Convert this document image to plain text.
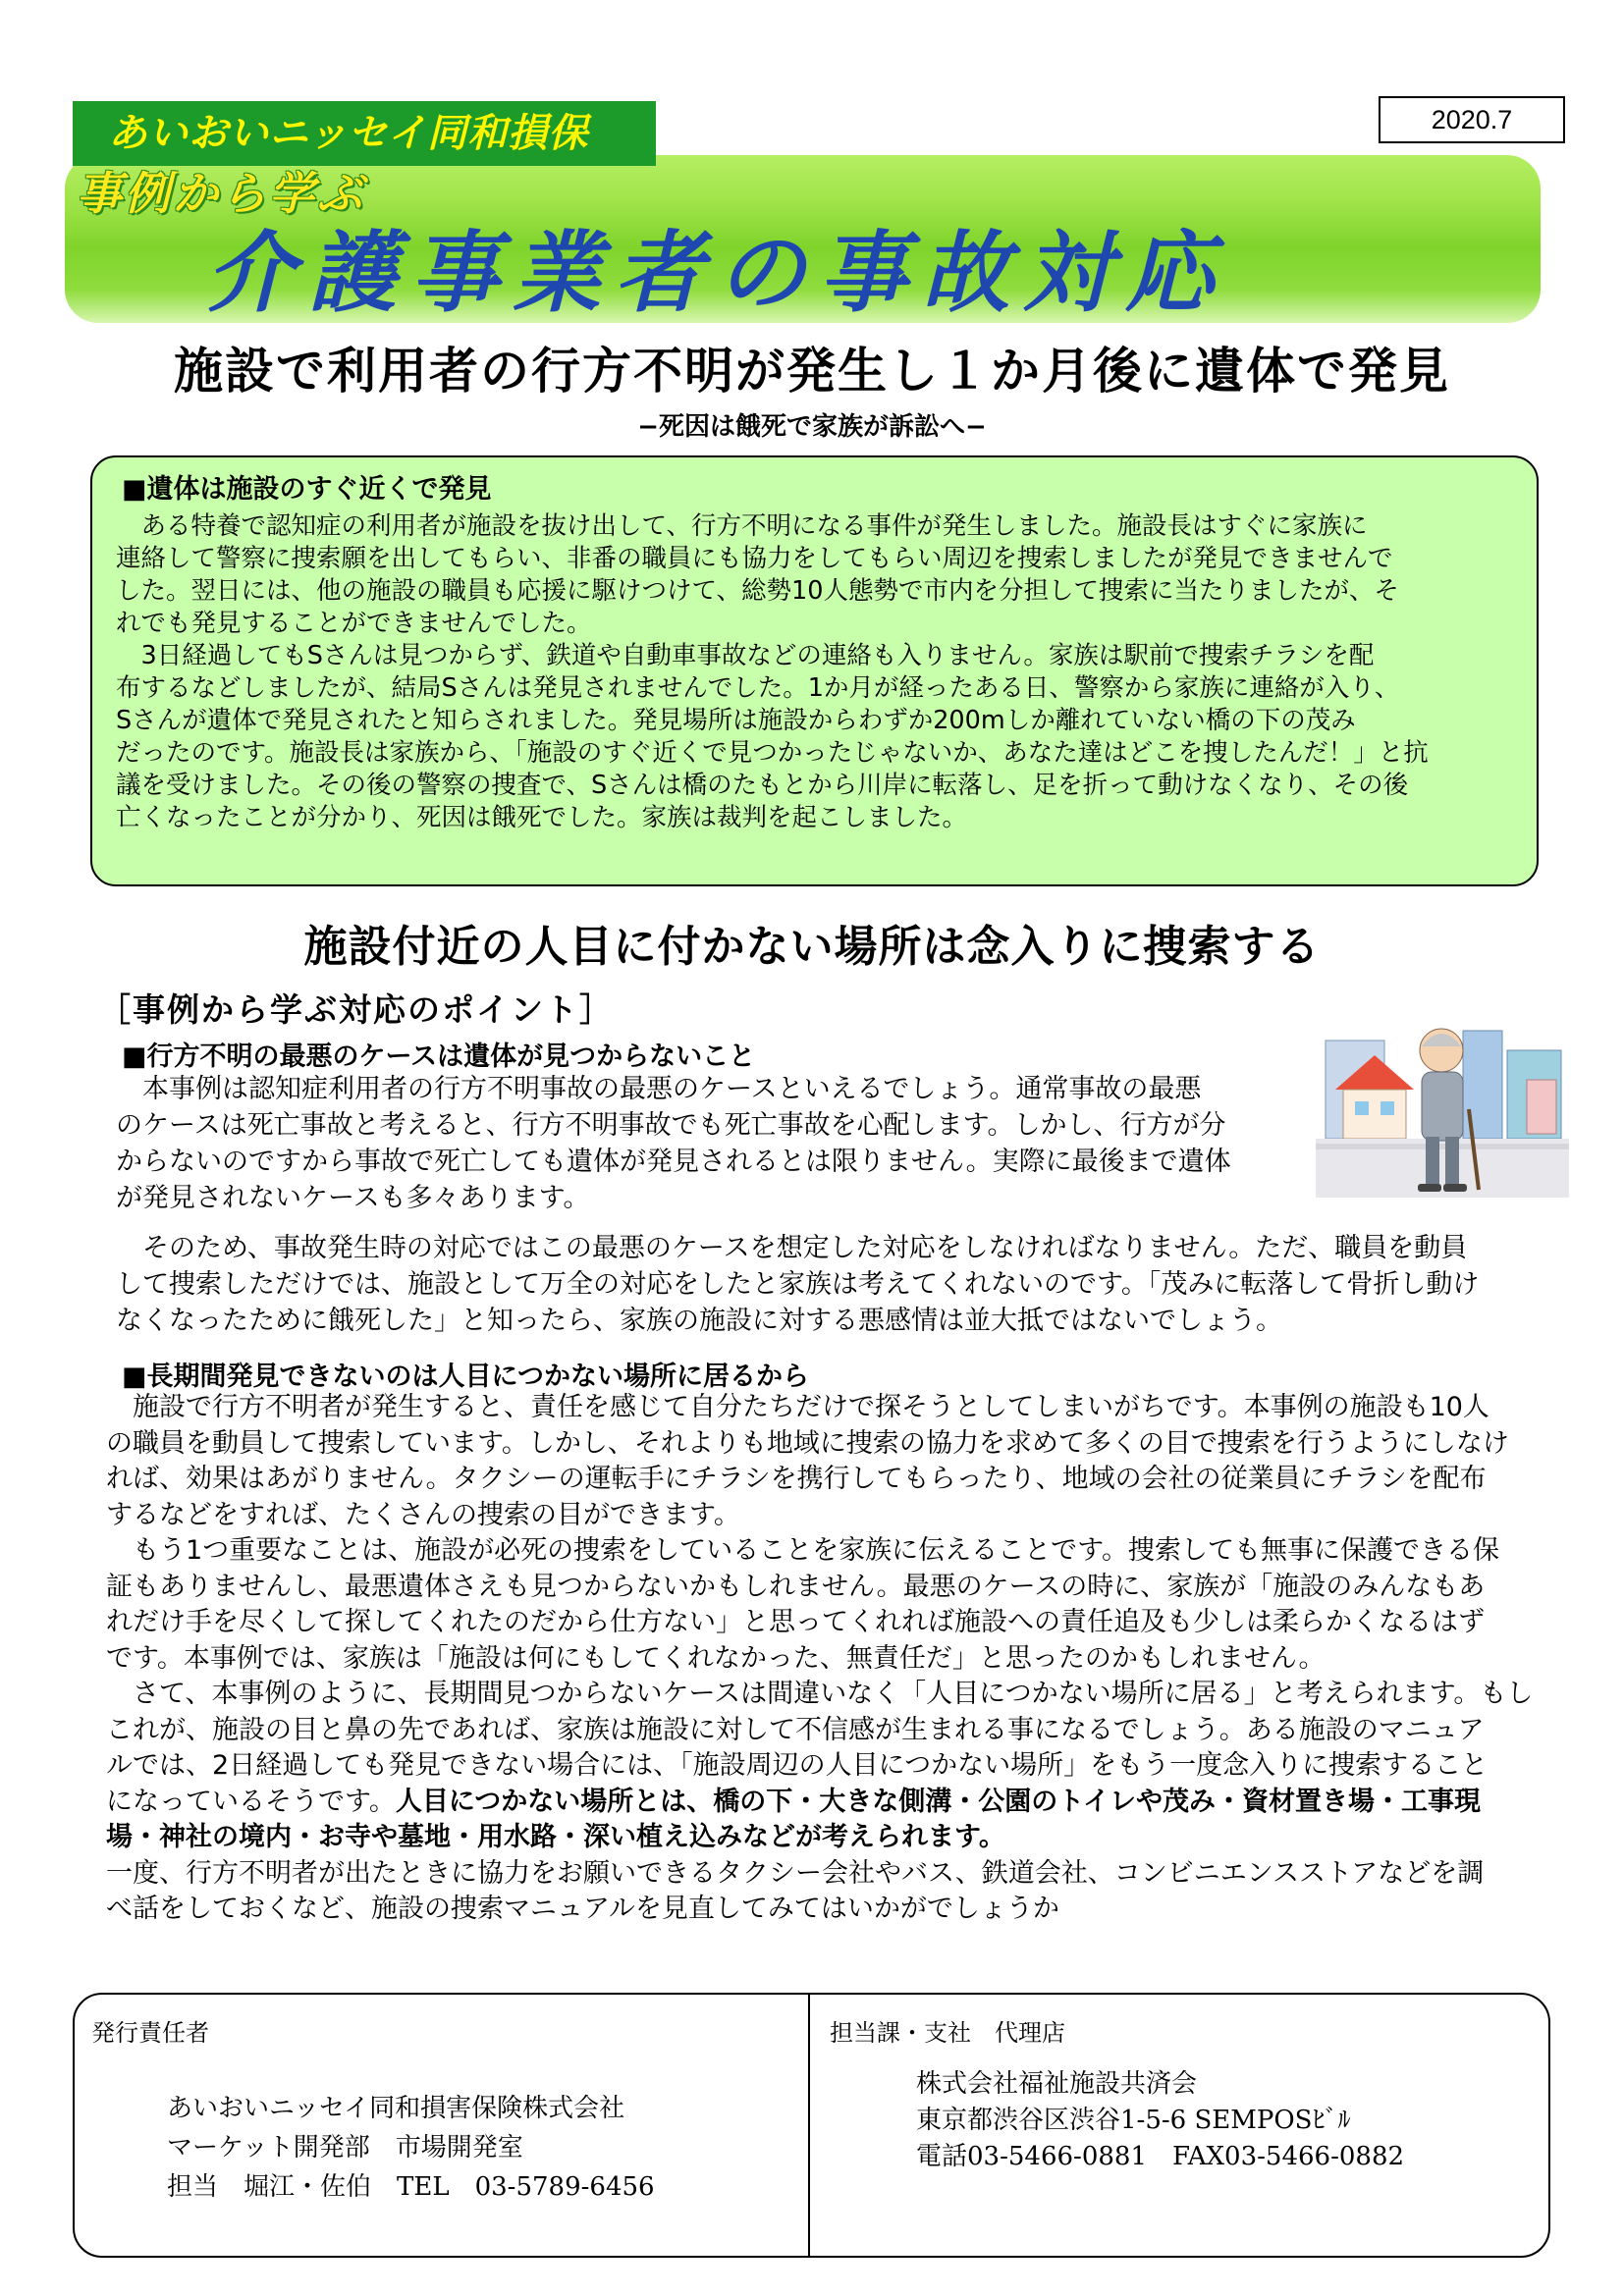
あいおいニッセイ同和損保	2020.7
事例から学ぶ
介護事業者の事故対応
施設で利用者の行方不明が発生し１か月後に遺体で発見
−死因は餓死で家族が訴訟へ−
■遺体は施設のすぐ近くで発見
　ある特養で認知症の利用者が施設を抜け出して、行方不明になる事件が発生しました。施設長はすぐに家族に
連絡して警察に捜索願を出してもらい、非番の職員にも協力をしてもらい周辺を捜索しましたが発見できませんで
した。翌日には、他の施設の職員も応援に駆けつけて、総勢10人態勢で市内を分担して捜索に当たりましたが、そ
れでも発見することができませんでした。
　3日経過してもSさんは見つからず、鉄道や自動車事故などの連絡も入りません。家族は駅前で捜索チラシを配
布するなどしましたが、結局Sさんは発見されませんでした。1か月が経ったある日、警察から家族に連絡が入り、
Sさんが遺体で発見されたと知らされました。発見場所は施設からわずか200mしか離れていない橋の下の茂み
だったのです。施設長は家族から、「施設のすぐ近くで見つかったじゃないか、あなた達はどこを捜したんだ！」と抗
議を受けました。その後の警察の捜査で、Sさんは橋のたもとから川岸に転落し、足を折って動けなくなり、その後
亡くなったことが分かり、死因は餓死でした。家族は裁判を起こしました。
施設付近の人目に付かない場所は念入りに捜索する
［事例から学ぶ対応のポイント］
■行方不明の最悪のケースは遺体が見つからないこと
　本事例は認知症利用者の行方不明事故の最悪のケースといえるでしょう。通常事故の最悪
のケースは死亡事故と考えると、行方不明事故でも死亡事故を心配します。しかし、行方が分
からないのですから事故で死亡しても遺体が発見されるとは限りません。実際に最後まで遺体
が発見されないケースも多々あります。
　そのため、事故発生時の対応ではこの最悪のケースを想定した対応をしなければなりません。ただ、職員を動員
して捜索しただけでは、施設として万全の対応をしたと家族は考えてくれないのです。「茂みに転落して骨折し動け
なくなったために餓死した」と知ったら、家族の施設に対する悪感情は並大抵ではないでしょう。
■長期間発見できないのは人目につかない場所に居るから
　施設で行方不明者が発生すると、責任を感じて自分たちだけで探そうとしてしまいがちです。本事例の施設も10人
の職員を動員して捜索しています。しかし、それよりも地域に捜索の協力を求めて多くの目で捜索を行うようにしなけ
れば、効果はあがりません。タクシーの運転手にチラシを携行してもらったり、地域の会社の従業員にチラシを配布
するなどをすれば、たくさんの捜索の目ができます。
　もう1つ重要なことは、施設が必死の捜索をしていることを家族に伝えることです。捜索しても無事に保護できる保
証もありませんし、最悪遺体さえも見つからないかもしれません。最悪のケースの時に、家族が「施設のみんなもあ
れだけ手を尽くして探してくれたのだから仕方ない」と思ってくれれば施設への責任追及も少しは柔らかくなるはず
です。本事例では、家族は「施設は何にもしてくれなかった、無責任だ」と思ったのかもしれません。
　さて、本事例のように、長期間見つからないケースは間違いなく「人目につかない場所に居る」と考えられます。もし
これが、施設の目と鼻の先であれば、家族は施設に対して不信感が生まれる事になるでしょう。ある施設のマニュア
ルでは、2日経過しても発見できない場合には、「施設周辺の人目につかない場所」をもう一度念入りに捜索すること
になっているそうです。人目につかない場所とは、橋の下・大きな側溝・公園のトイレや茂み・資材置き場・工事現
場・神社の境内・お寺や墓地・用水路・深い植え込みなどが考えられます。
一度、行方不明者が出たときに協力をお願いできるタクシー会社やバス、鉄道会社、コンビニエンスストアなどを調
べ話をしておくなど、施設の捜索マニュアルを見直してみてはいかがでしょうか
発行責任者
あいおいニッセイ同和損害保険株式会社
マーケット開発部　市場開発室
担当　堀江・佐伯　TEL　03-5789-6456
担当課・支社　代理店
株式会社福祉施設共済会
東京都渋谷区渋谷1-5-6 SEMPOSﾋﾞﾙ
電話03-5466-0881　FAX03-5466-0882
